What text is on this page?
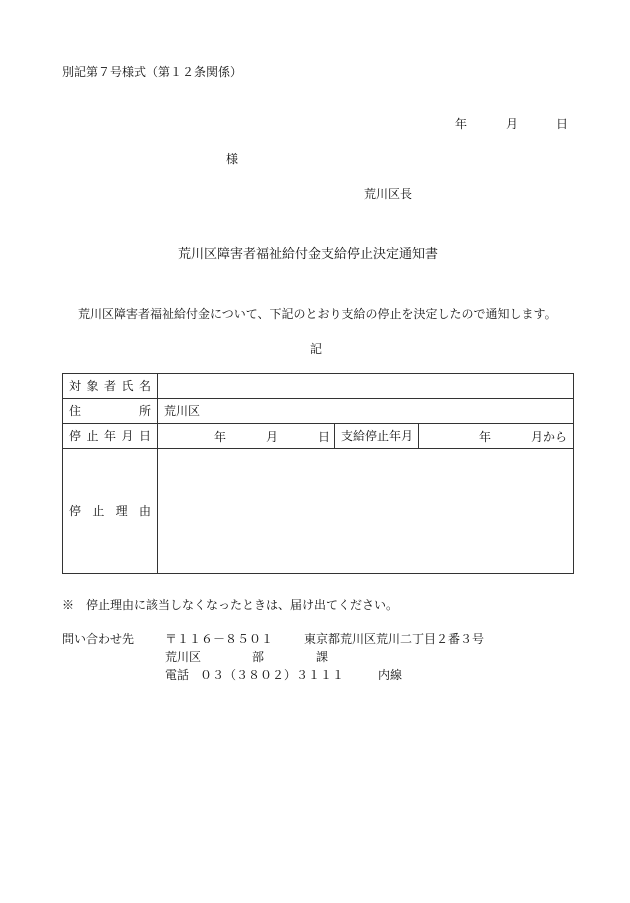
別記第７号様式（第１２条関係）
年	月	日
様
荒川区長
荒川区障害者福祉給付金支給停止決定通知書
荒川区障害者福祉給付金について、下記のとおり支給の停止を決定したので通知します。
記
対象者氏名			
住所	荒川区		
停止年月日	年 月 日	支給停止年月	年 月から

停止理由			
※　停止理由に該当しなくなったときは、届け出てください。
問い合わせ先	〒１１６－８５０１	東京都荒川区荒川二丁目２番３号
荒川区	部	課
電話 ０３（３８０２）３１１１	内線
